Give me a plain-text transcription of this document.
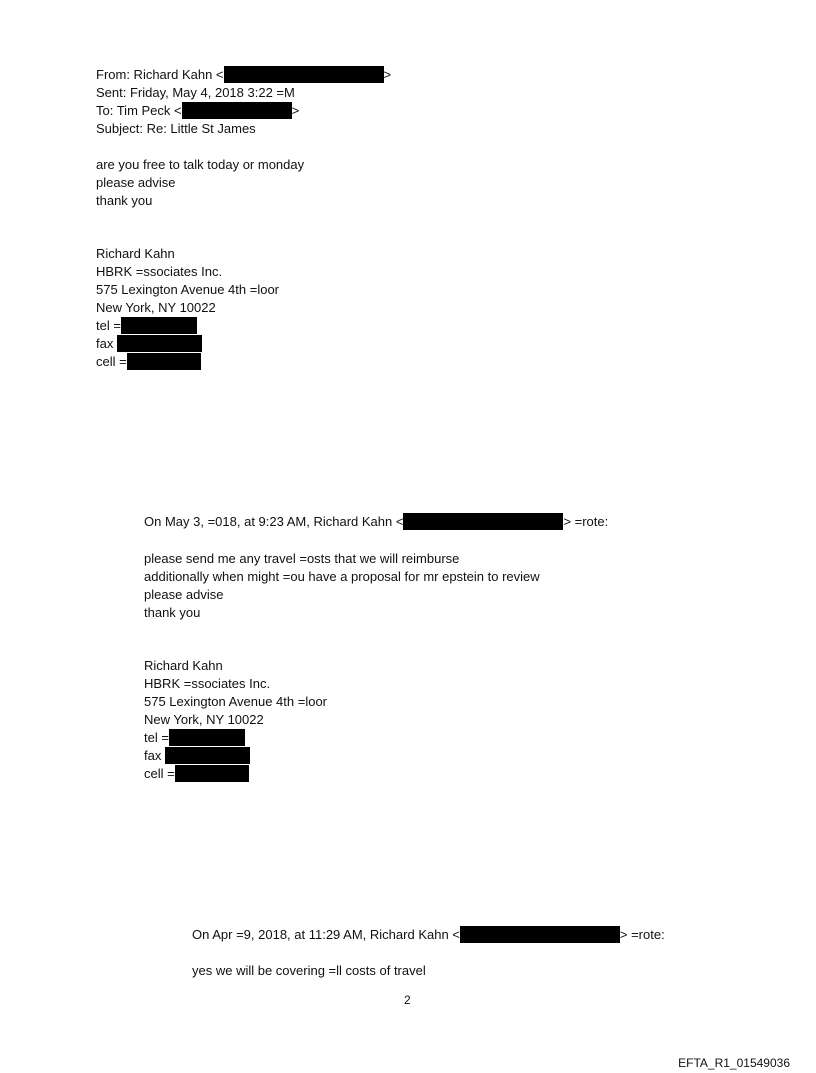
From: Richard Kahn <	>
Sent: Friday, May 4, 2018 3:22 =M
To: Tim Peck <	>
Subject: Re: Little St James
are you free to talk today or monday
please advise
thank you
Richard Kahn
HBRK =ssociates Inc.
575 Lexington Avenue 4th =loor
New York, NY 10022
tel =
fax
cell =
On May 3, =018, at 9:23 AM, Richard Kahn <	> =rote:
please send me any travel =osts that we will reimburse
additionally when might =ou have a proposal for mr epstein to review
please advise
thank you
Richard Kahn
HBRK =ssociates Inc.
575 Lexington Avenue 4th =loor
New York, NY 10022
tel =
fax
cell =
On Apr =9, 2018, at 11:29 AM, Richard Kahn <	> =rote:
yes we will be covering =ll costs of travel
2
EFTA_R1_01549036
